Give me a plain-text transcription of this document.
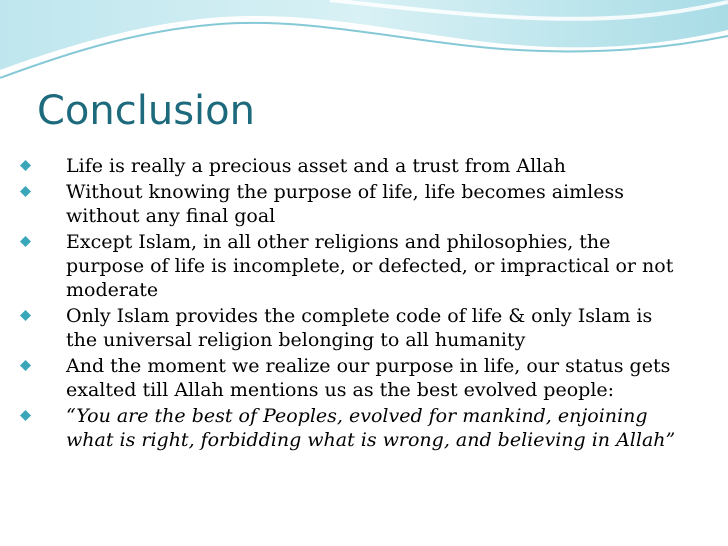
Conclusion
Life is really a precious asset and a trust from Allah
Without knowing the purpose of life, life becomes aimless without any final goal
Except Islam, in all other religions and philosophies, the purpose of life is incomplete, or defected, or impractical or not moderate
Only Islam provides the complete code of life & only Islam is the universal religion belonging to all humanity
And the moment we realize our purpose in life, our status gets exalted till Allah mentions us as the best evolved people:
“You are the best of Peoples, evolved for mankind, enjoining what is right, forbidding what is wrong, and believing in Allah”
